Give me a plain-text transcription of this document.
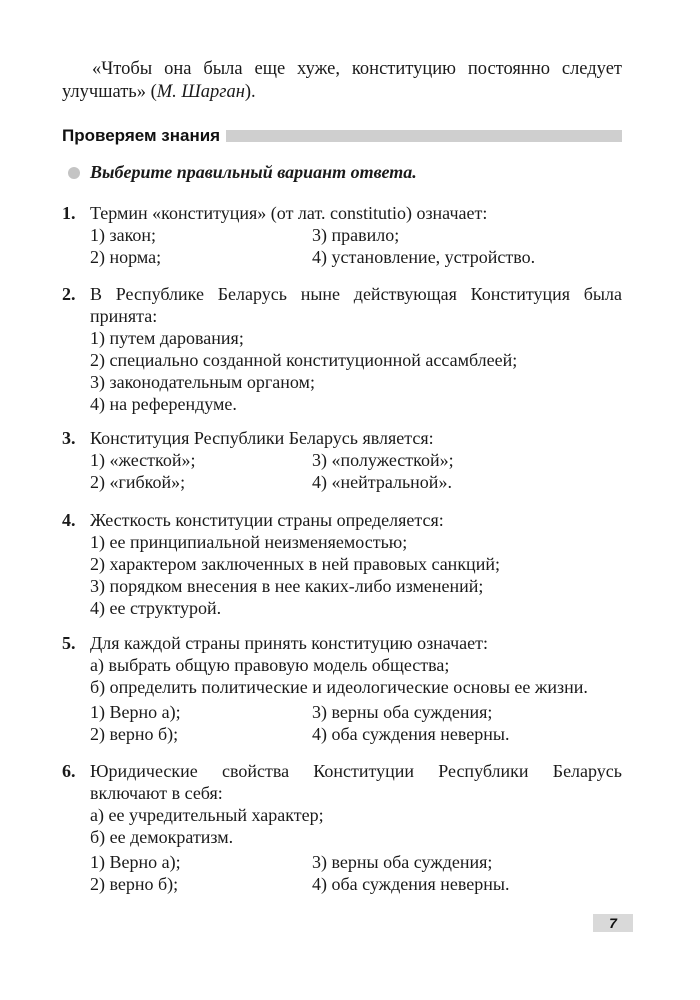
«Чтобы она была еще хуже, конституцию постоянно следует улучшать» (М. Шарган).
Проверяем знания
Выберите правильный вариант ответа.
1. Термин «конституция» (от лат. constitutio) означает:
1) закон;	3) правило;
2) норма;	4) установление, устройство.
2. В Республике Беларусь ныне действующая Конституция была принята:
1) путем дарования;
2) специально созданной конституционной ассамблеей;
3) законодательным органом;
4) на референдуме.
3. Конституция Республики Беларусь является:
1) «жесткой»;	3) «полужесткой»;
2) «гибкой»;	4) «нейтральной».
4. Жесткость конституции страны определяется:
1) ее принципиальной неизменяемостью;
2) характером заключенных в ней правовых санкций;
3) порядком внесения в нее каких-либо изменений;
4) ее структурой.
5. Для каждой страны принять конституцию означает:
а) выбрать общую правовую модель общества;
б) определить политические и идеологические основы ее жизни.
1) Верно а);	3) верны оба суждения;
2) верно б);	4) оба суждения неверны.
6. Юридические свойства Конституции Республики Беларусь включают в себя:
а) ее учредительный характер;
б) ее демократизм.
1) Верно а);	3) верны оба суждения;
2) верно б);	4) оба суждения неверны.
7
